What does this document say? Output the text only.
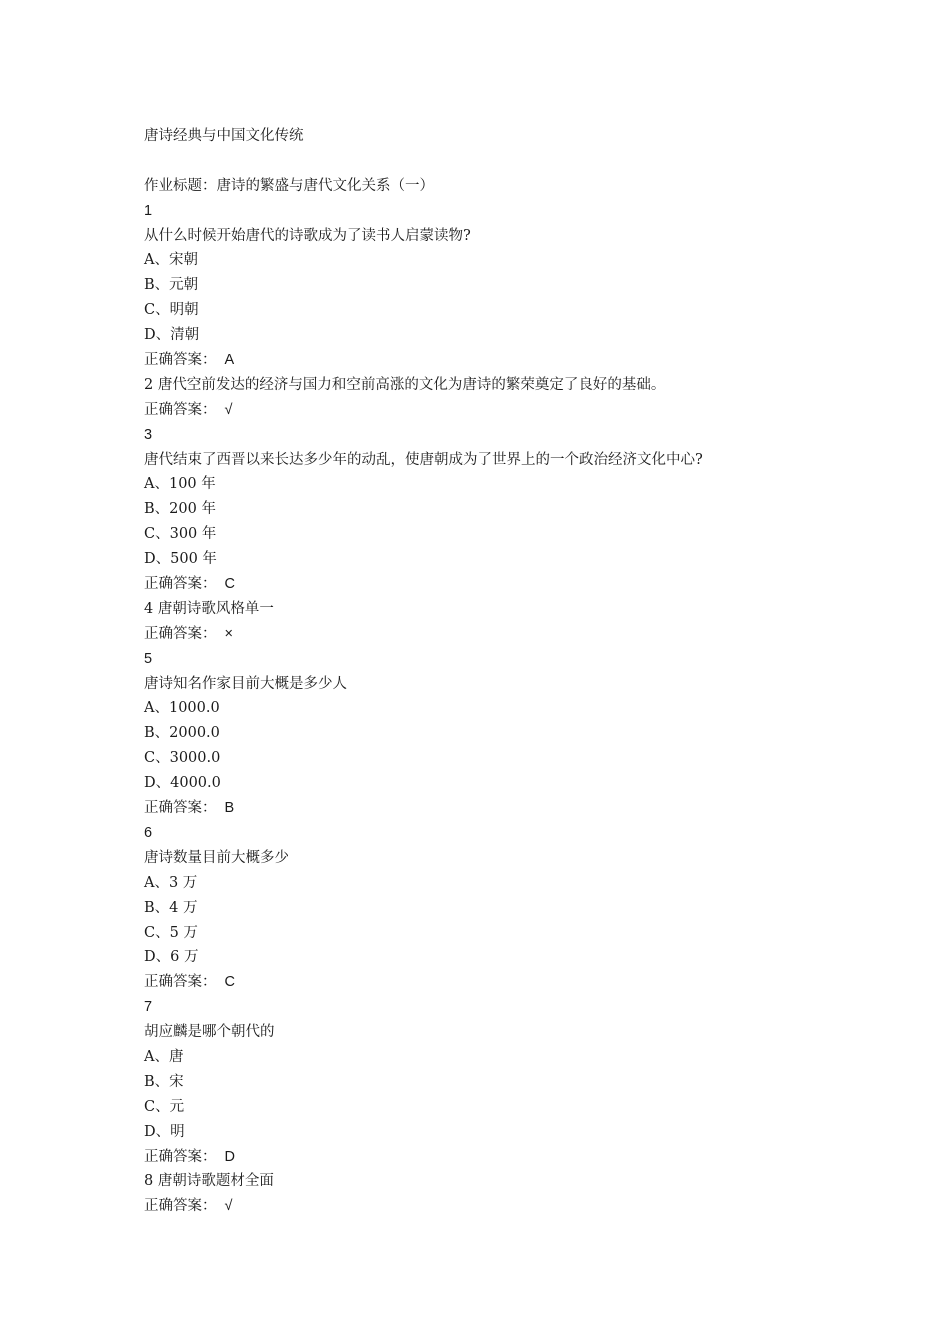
唐诗经典与中国文化传统
作业标题：唐诗的繁盛与唐代文化关系（一）
1
从什么时候开始唐代的诗歌成为了读书人启蒙读物?
A、宋朝
B、元朝
C、明朝
D、清朝
正确答案： A
2 唐代空前发达的经济与国力和空前高涨的文化为唐诗的繁荣奠定了良好的基础。
正确答案： √
3
唐代结束了西晋以来长达多少年的动乱，使唐朝成为了世界上的一个政治经济文化中心?
A、100 年
B、200 年
C、300 年
D、500 年
正确答案： C
4 唐朝诗歌风格单一
正确答案： ×
5
唐诗知名作家目前大概是多少人
A、1000.0
B、2000.0
C、3000.0
D、4000.0
正确答案： B
6
唐诗数量目前大概多少
A、3 万
B、4 万
C、5 万
D、6 万
正确答案： C
7
胡应麟是哪个朝代的
A、唐
B、宋
C、元
D、明
正确答案： D
8 唐朝诗歌题材全面
正确答案： √
